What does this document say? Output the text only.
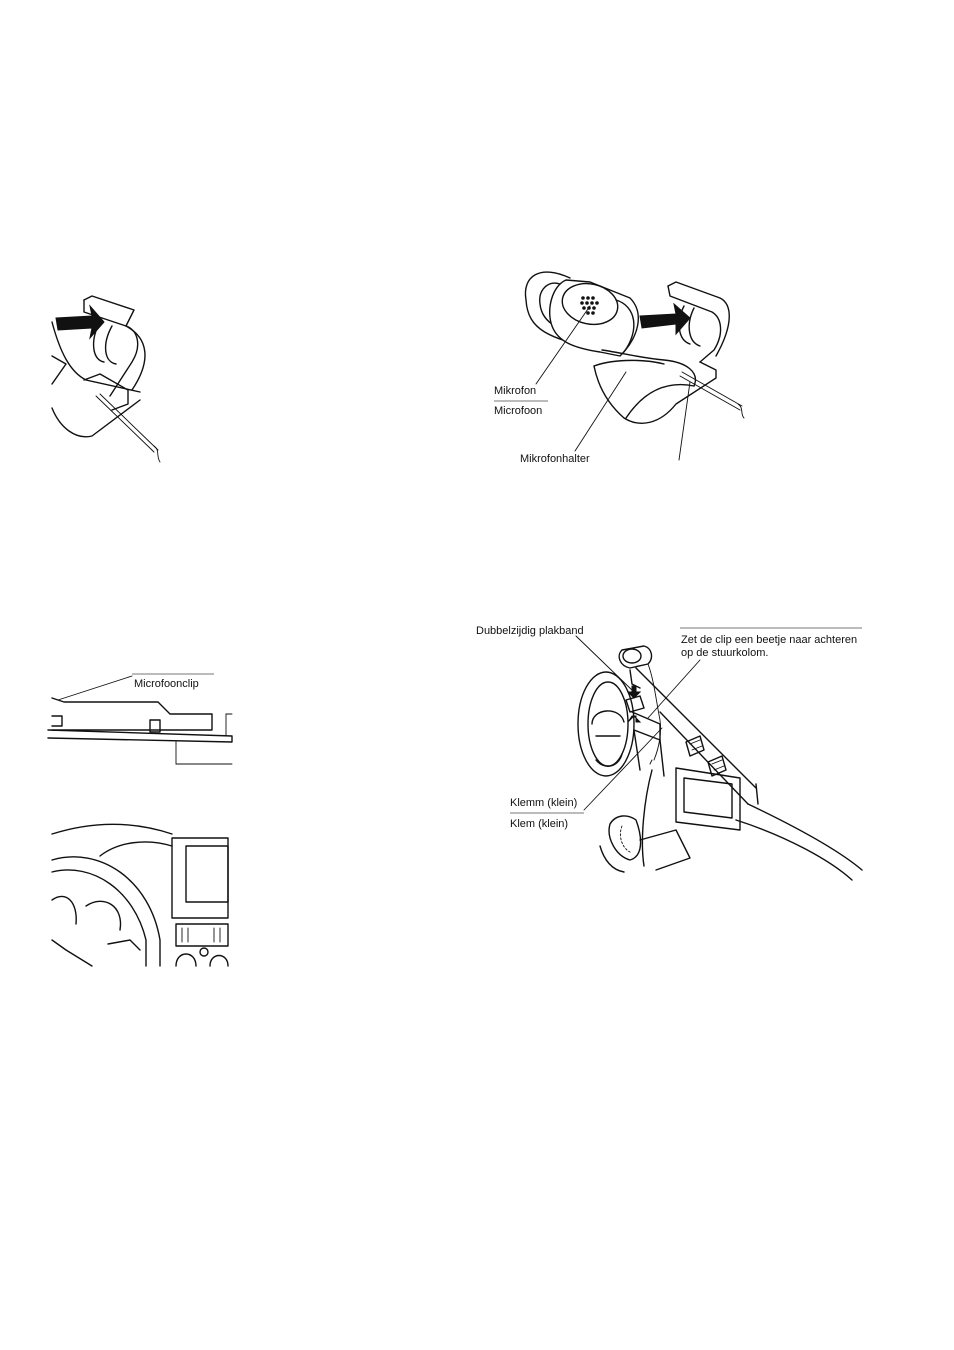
Mikrofon
Microfoon
Mikrofonhalter
Microfoonclip
Dubbelzijdig plakband
Zet de clip een beetje naar achteren op de stuurkolom.
Klemm (klein)
Klem (klein)
